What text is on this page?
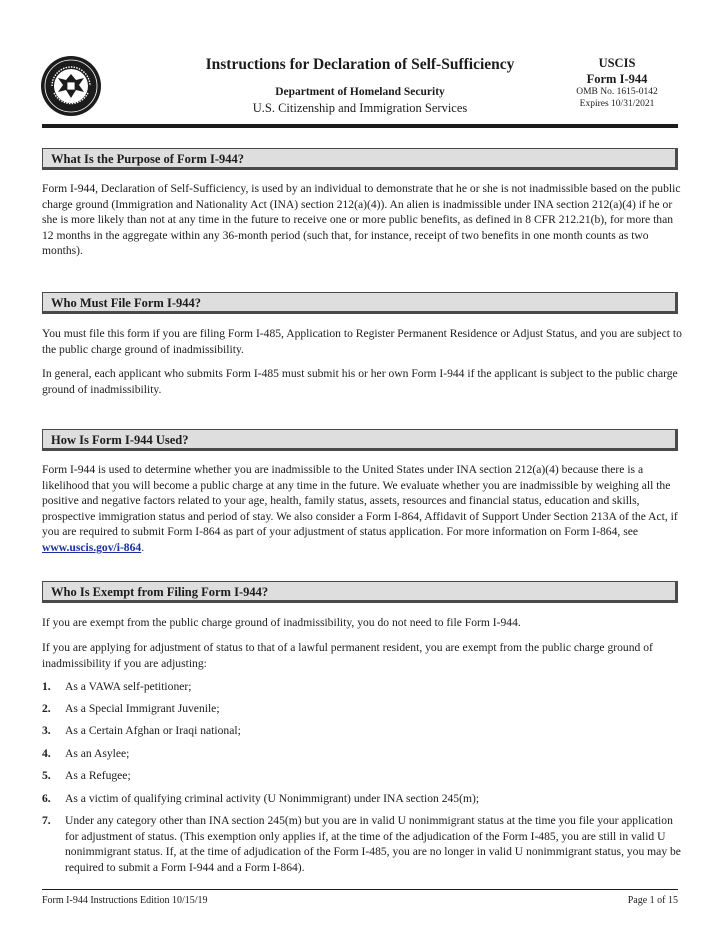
Instructions for Declaration of Self-Sufficiency
Department of Homeland Security
U.S. Citizenship and Immigration Services
USCIS
Form I-944
OMB No. 1615-0142
Expires 10/31/2021
What Is the Purpose of Form I-944?

Form I-944, Declaration of Self-Sufficiency, is used by an individual to demonstrate that he or she is not inadmissible based on the public charge ground (Immigration and Nationality Act (INA) section 212(a)(4)). An alien is inadmissible under INA section 212(a)(4) if he or she is more likely than not at any time in the future to receive one or more public benefits, as defined in 8 CFR 212.21(b), for more than 12 months in the aggregate within any 36-month period (such that, for instance, receipt of two benefits in one month counts as two months).

Who Must File Form I-944?

You must file this form if you are filing Form I-485, Application to Register Permanent Residence or Adjust Status, and you are subject to the public charge ground of inadmissibility.

In general, each applicant who submits Form I-485 must submit his or her own Form I-944 if the applicant is subject to the public charge ground of inadmissibility.

How Is Form I-944 Used?

Form I-944 is used to determine whether you are inadmissible to the United States under INA section 212(a)(4) because there is a likelihood that you will become a public charge at any time in the future. We evaluate whether you are inadmissible by weighing all the positive and negative factors related to your age, health, family status, assets, resources and financial status, education and skills, prospective immigration status and period of stay. We also consider a Form I-864, Affidavit of Support Under Section 213A of the Act, if you are required to submit Form I-864 as part of your adjustment of status application. For more information on Form I-864, see www.uscis.gov/i-864.

Who Is Exempt from Filing Form I-944?

If you are exempt from the public charge ground of inadmissibility, you do not need to file Form I-944.

If you are applying for adjustment of status to that of a lawful permanent resident, you are exempt from the public charge ground of inadmissibility if you are adjusting:

1. As a VAWA self-petitioner;
2. As a Special Immigrant Juvenile;
3. As a Certain Afghan or Iraqi national;
4. As an Asylee;
5. As a Refugee;
6. As a victim of qualifying criminal activity (U Nonimmigrant) under INA section 245(m);
7. Under any category other than INA section 245(m) but you are in valid U nonimmigrant status at the time you file your application for adjustment of status. (This exemption only applies if, at the time of the adjudication of the Form I-485, you are still in valid U nonimmigrant status. If, at the time of adjudication of the Form I-485, you are no longer in valid U nonimmigrant status, you may be required to submit a Form I-944 and a Form I-864).
Form I-944 Instructions Edition 10/15/19	Page 1 of 15
